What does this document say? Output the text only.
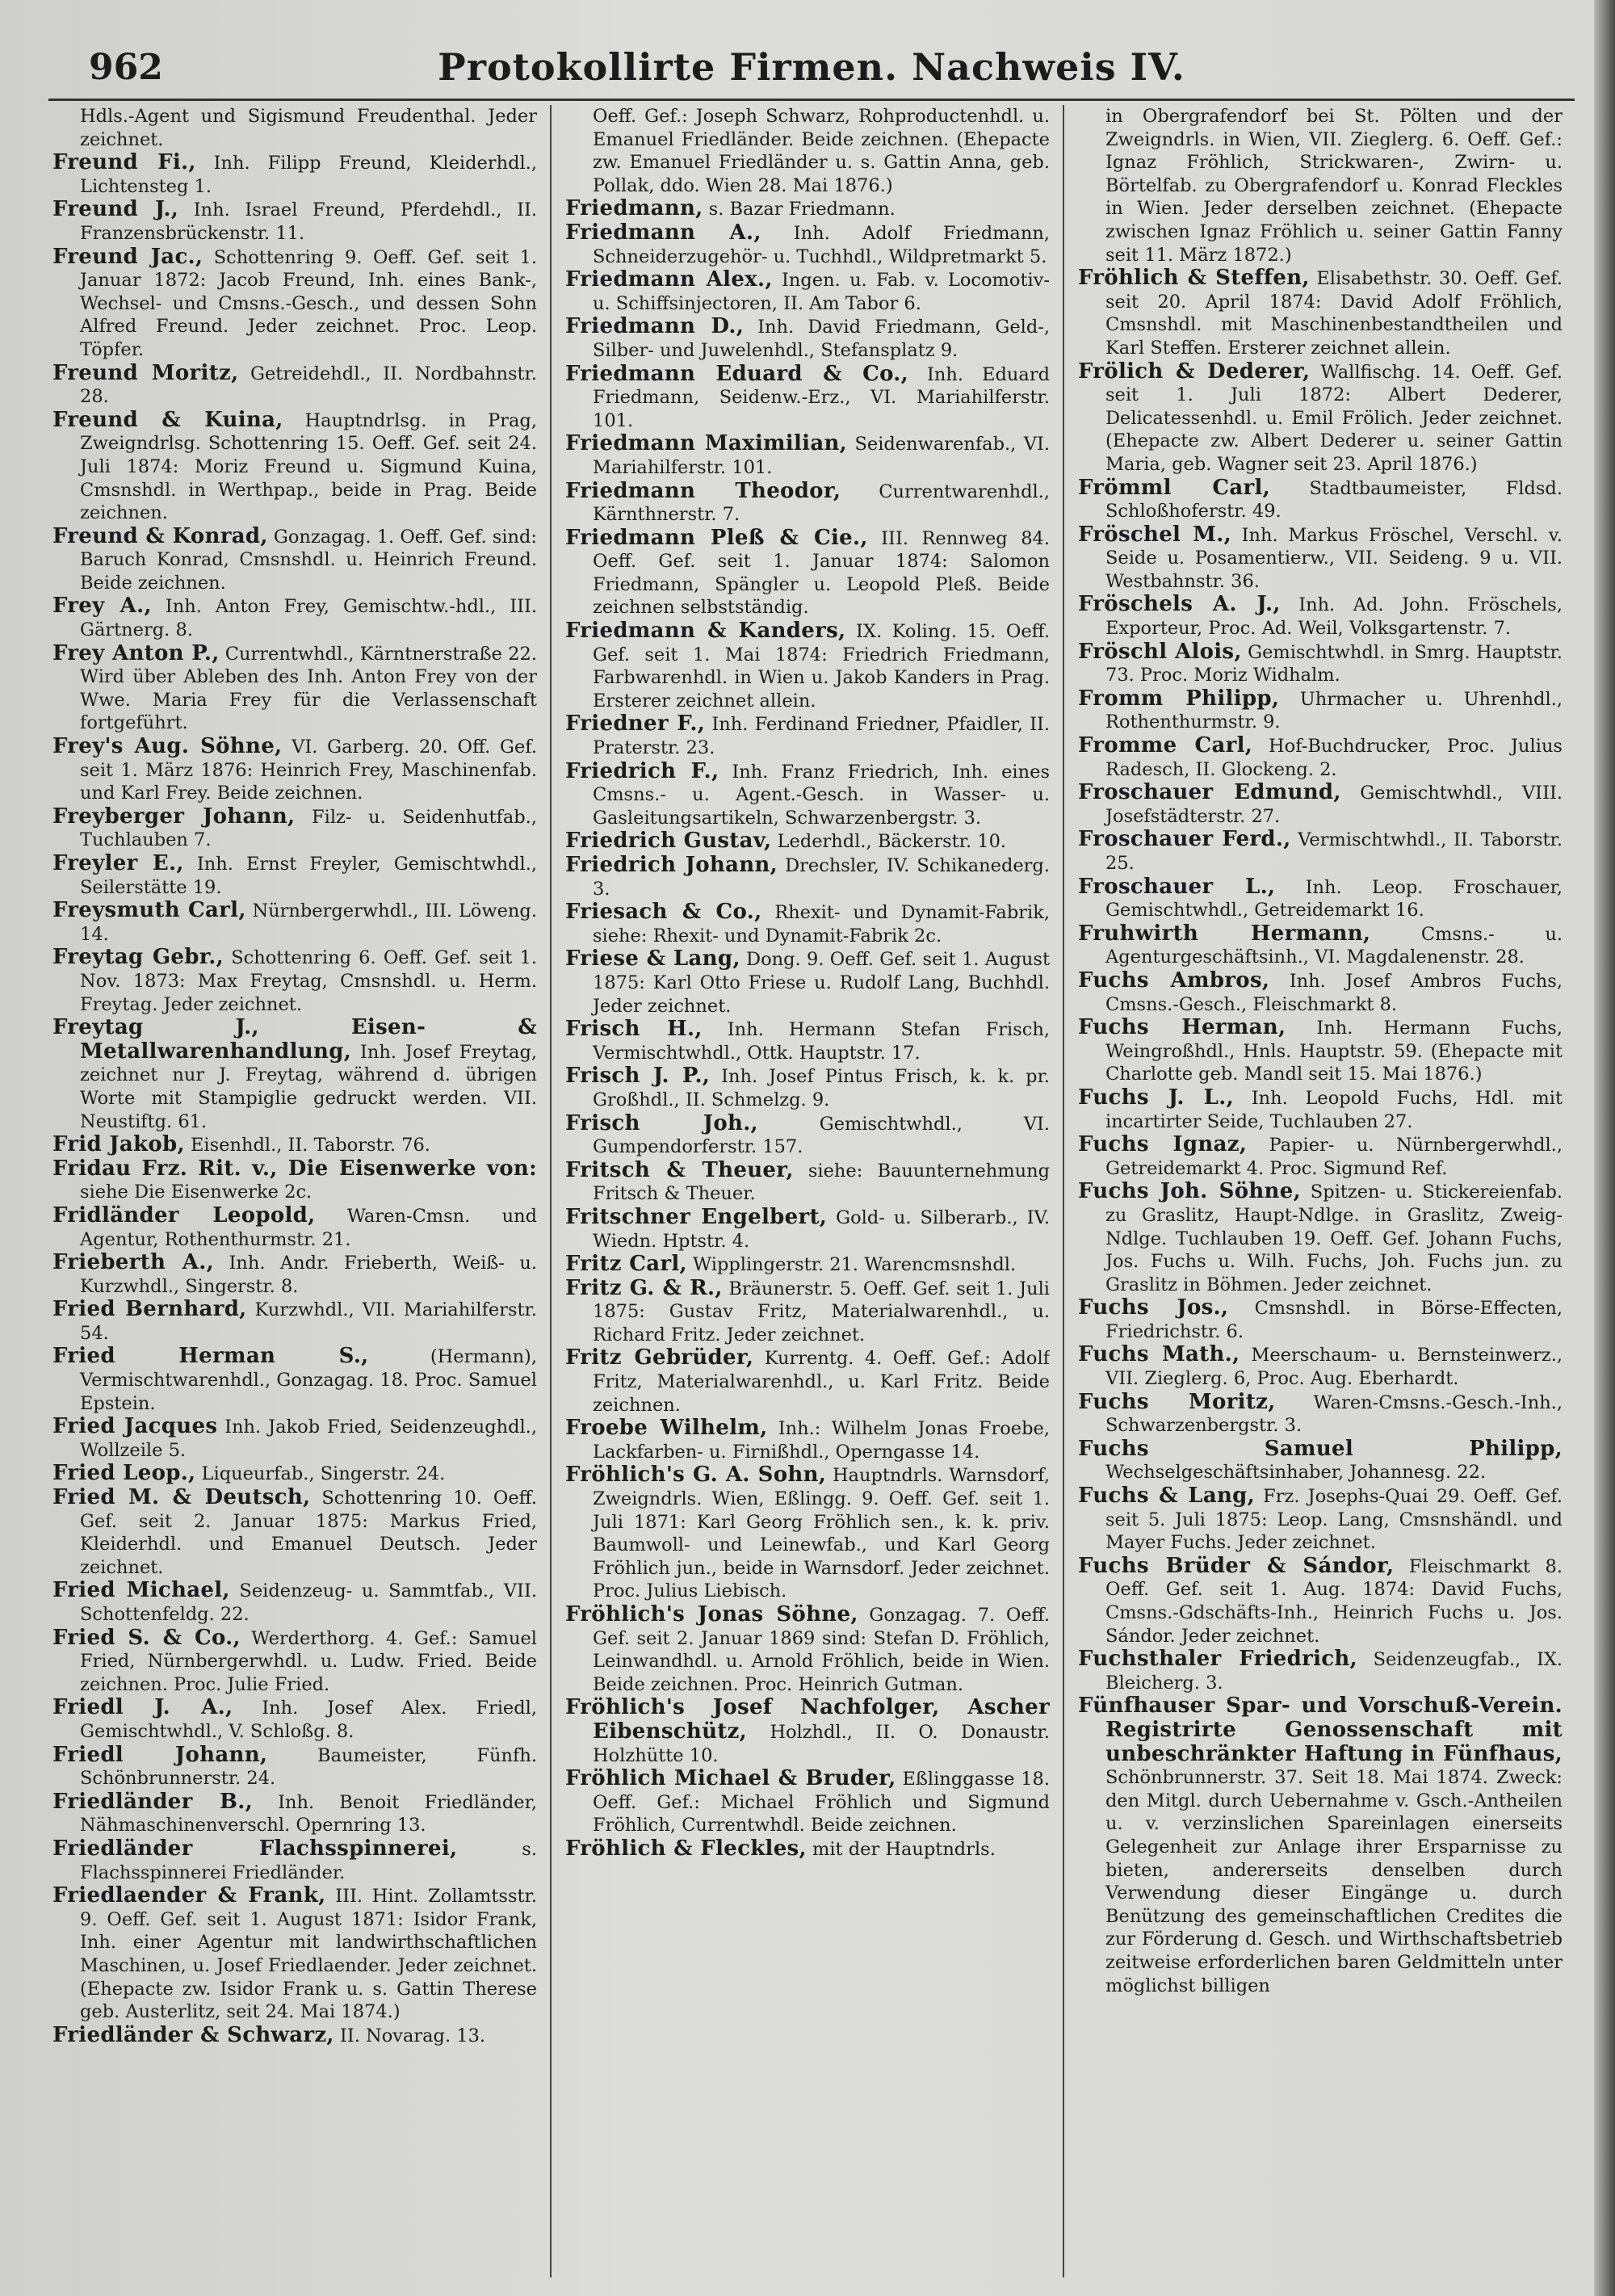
962	Protokollirte Firmen. Nachweis IV.

Hdls.-Agent und Sigismund Freudenthal. Jeder zeichnet.

Freund Fi., Inh. Filipp Freund, Kleiderhdl., Lichtensteg 1.

Freund J., Inh. Israel Freund, Pferdehdl., II. Franzensbrückenstr. 11.

Freund Jac., Schottenring 9. Oeff. Gef. seit 1. Januar 1872: Jacob Freund, Inh. eines Bank-, Wechsel- und Cmsns.-Gesch., und dessen Sohn Alfred Freund. Jeder zeichnet. Proc. Leop. Töpfer.

Freund Moritz, Getreidehdl., II. Nordbahnstr. 28.

Freund & Kuina, Hauptndrlsg. in Prag, Zweigndrlsg. Schottenring 15. Oeff. Gef. seit 24. Juli 1874: Moriz Freund u. Sigmund Kuina, Cmsnshdl. in Werthpap., beide in Prag. Beide zeichnen.

Freund & Konrad, Gonzagag. 1. Oeff. Gef. sind: Baruch Konrad, Cmsnshdl. u. Heinrich Freund. Beide zeichnen.

Frey A., Inh. Anton Frey, Gemischtw.-hdl., III. Gärtnerg. 8.

Frey Anton P., Currentwhdl., Kärntnerstraße 22. Wird über Ableben des Inh. Anton Frey von der Wwe. Maria Frey für die Verlassenschaft fortgeführt.

Frey's Aug. Söhne, VI. Garberg. 20. Off. Gef. seit 1. März 1876: Heinrich Frey, Maschinenfab. und Karl Frey. Beide zeichnen.

Freyberger Johann, Filz- u. Seidenhutfab., Tuchlauben 7.

Freyler E., Inh. Ernst Freyler, Gemischtwhdl., Seilerstätte 19.

Freysmuth Carl, Nürnbergerwhdl., III. Löweng. 14.

Freytag Gebr., Schottenring 6. Oeff. Gef. seit 1. Nov. 1873: Max Freytag, Cmsnshdl. u. Herm. Freytag. Jeder zeichnet.

Freytag J., Eisen- & Metallwarenhandlung, Inh. Josef Freytag, zeichnet nur J. Freytag, während d. übrigen Worte mit Stampiglie gedruckt werden. VII. Neustiftg. 61.

Frid Jakob, Eisenhdl., II. Taborstr. 76.

Fridau Frz. Rit. v., Die Eisenwerke von: siehe Die Eisenwerke 2c.

Fridländer Leopold, Waren-Cmsn. und Agentur, Rothenthurmstr. 21.

Frieberth A., Inh. Andr. Frieberth, Weiß- u. Kurzwhdl., Singerstr. 8.

Fried Bernhard, Kurzwhdl., VII. Mariahilferstr. 54.

Fried Herman S., (Hermann), Vermischtwarenhdl., Gonzagag. 18. Proc. Samuel Epstein.

Fried Jacques Inh. Jakob Fried, Seidenzeughdl., Wollzeile 5.

Fried Leop., Liqueurfab., Singerstr. 24.

Fried M. & Deutsch, Schottenring 10. Oeff. Gef. seit 2. Januar 1875: Markus Fried, Kleiderhdl. und Emanuel Deutsch. Jeder zeichnet.

Fried Michael, Seidenzeug- u. Sammtfab., VII. Schottenfeldg. 22.

Fried S. & Co., Werderthorg. 4. Gef.: Samuel Fried, Nürnbergerwhdl. u. Ludw. Fried. Beide zeichnen. Proc. Julie Fried.

Friedl J. A., Inh. Josef Alex. Friedl, Gemischtwhdl., V. Schloßg. 8.

Friedl Johann, Baumeister, Fünfh. Schönbrunnerstr. 24.

Friedländer B., Inh. Benoit Friedländer, Nähmaschinenverschl. Opernring 13.

Friedländer Flachsspinnerei, s. Flachsspinnerei Friedländer.

Friedlaender & Frank, III. Hint. Zollamtsstr. 9. Oeff. Gef. seit 1. August 1871: Isidor Frank, Inh. einer Agentur mit landwirthschaftlichen Maschinen, u. Josef Friedlaender. Jeder zeichnet. (Ehepacte zw. Isidor Frank u. s. Gattin Therese geb. Austerlitz, seit 24. Mai 1874.)

Friedländer & Schwarz, II. Novarag. 13.

Oeff. Gef.: Joseph Schwarz, Rohproductenhdl. u. Emanuel Friedländer. Beide zeichnen. (Ehepacte zw. Emanuel Friedländer u. s. Gattin Anna, geb. Pollak, ddo. Wien 28. Mai 1876.)

Friedmann, s. Bazar Friedmann.

Friedmann A., Inh. Adolf Friedmann, Schneiderzugehör- u. Tuchhdl., Wildpretmarkt 5.

Friedmann Alex., Ingen. u. Fab. v. Locomotiv- u. Schiffsinjectoren, II. Am Tabor 6.

Friedmann D., Inh. David Friedmann, Geld-, Silber- und Juwelenhdl., Stefansplatz 9.

Friedmann Eduard & Co., Inh. Eduard Friedmann, Seidenw.-Erz., VI. Mariahilferstr. 101.

Friedmann Maximilian, Seidenwarenfab., VI. Mariahilferstr. 101.

Friedmann Theodor, Currentwarenhdl., Kärnthnerstr. 7.

Friedmann Pleß & Cie., III. Rennweg 84. Oeff. Gef. seit 1. Januar 1874: Salomon Friedmann, Spängler u. Leopold Pleß. Beide zeichnen selbstständig.

Friedmann & Kanders, IX. Koling. 15. Oeff. Gef. seit 1. Mai 1874: Friedrich Friedmann, Farbwarenhdl. in Wien u. Jakob Kanders in Prag. Ersterer zeichnet allein.

Friedner F., Inh. Ferdinand Friedner, Pfaidler, II. Praterstr. 23.

Friedrich F., Inh. Franz Friedrich, Inh. eines Cmsns.- u. Agent.-Gesch. in Wasser- u. Gasleitungsartikeln, Schwarzenbergstr. 3.

Friedrich Gustav, Lederhdl., Bäckerstr. 10.

Friedrich Johann, Drechsler, IV. Schikanederg. 3.

Friesach & Co., Rhexit- und Dynamit-Fabrik, siehe: Rhexit- und Dynamit-Fabrik 2c.

Friese & Lang, Dong. 9. Oeff. Gef. seit 1. August 1875: Karl Otto Friese u. Rudolf Lang, Buchhdl. Jeder zeichnet.

Frisch H., Inh. Hermann Stefan Frisch, Vermischtwhdl., Ottk. Hauptstr. 17.

Frisch J. P., Inh. Josef Pintus Frisch, k. k. pr. Großhdl., II. Schmelzg. 9.

Frisch Joh., Gemischtwhdl., VI. Gumpendorferstr. 157.

Fritsch & Theuer, siehe: Bauunternehmung Fritsch & Theuer.

Fritschner Engelbert, Gold- u. Silberarb., IV. Wiedn. Hptstr. 4.

Fritz Carl, Wipplingerstr. 21. Warencmsnshdl.

Fritz G. & R., Bräunerstr. 5. Oeff. Gef. seit 1. Juli 1875: Gustav Fritz, Materialwarenhdl., u. Richard Fritz. Jeder zeichnet.

Fritz Gebrüder, Kurrentg. 4. Oeff. Gef.: Adolf Fritz, Materialwarenhdl., u. Karl Fritz. Beide zeichnen.

Froebe Wilhelm, Inh.: Wilhelm Jonas Froebe, Lackfarben- u. Firnißhdl., Operngasse 14.

Fröhlich's G. A. Sohn, Hauptndrls. Warnsdorf, Zweigndrls. Wien, Eßlingg. 9. Oeff. Gef. seit 1. Juli 1871: Karl Georg Fröhlich sen., k. k. priv. Baumwoll- und Leinewfab., und Karl Georg Fröhlich jun., beide in Warnsdorf. Jeder zeichnet. Proc. Julius Liebisch.

Fröhlich's Jonas Söhne, Gonzagag. 7. Oeff. Gef. seit 2. Januar 1869 sind: Stefan D. Fröhlich, Leinwandhdl. u. Arnold Fröhlich, beide in Wien. Beide zeichnen. Proc. Heinrich Gutman.

Fröhlich's Josef Nachfolger, Ascher Eibenschütz, Holzhdl., II. O. Donaustr. Holzhütte 10.

Fröhlich Michael & Bruder, Eßlinggasse 18. Oeff. Gef.: Michael Fröhlich und Sigmund Fröhlich, Currentwhdl. Beide zeichnen.

Fröhlich & Fleckles, mit der Hauptndrls.

in Obergrafendorf bei St. Pölten und der Zweigndrls. in Wien, VII. Zieglerg. 6. Oeff. Gef.: Ignaz Fröhlich, Strickwaren-, Zwirn- u. Börtelfab. zu Obergrafendorf u. Konrad Fleckles in Wien. Jeder derselben zeichnet. (Ehepacte zwischen Ignaz Fröhlich u. seiner Gattin Fanny seit 11. März 1872.)

Fröhlich & Steffen, Elisabethstr. 30. Oeff. Gef. seit 20. April 1874: David Adolf Fröhlich, Cmsnshdl. mit Maschinenbestandtheilen und Karl Steffen. Ersterer zeichnet allein.

Frölich & Dederer, Wallfischg. 14. Oeff. Gef. seit 1. Juli 1872: Albert Dederer, Delicatessenhdl. u. Emil Frölich. Jeder zeichnet. (Ehepacte zw. Albert Dederer u. seiner Gattin Maria, geb. Wagner seit 23. April 1876.)

Frömml Carl, Stadtbaumeister, Fldsd. Schloßhoferstr. 49.

Fröschel M., Inh. Markus Fröschel, Verschl. v. Seide u. Posamentierw., VII. Seideng. 9 u. VII. Westbahnstr. 36.

Fröschels A. J., Inh. Ad. John. Fröschels, Exporteur, Proc. Ad. Weil, Volksgartenstr. 7.

Fröschl Alois, Gemischtwhdl. in Smrg. Hauptstr. 73. Proc. Moriz Widhalm.

Fromm Philipp, Uhrmacher u. Uhrenhdl., Rothenthurmstr. 9.

Fromme Carl, Hof-Buchdrucker, Proc. Julius Radesch, II. Glockeng. 2.

Froschauer Edmund, Gemischtwhdl., VIII. Josefstädterstr. 27.

Froschauer Ferd., Vermischtwhdl., II. Taborstr. 25.

Froschauer L., Inh. Leop. Froschauer, Gemischtwhdl., Getreidemarkt 16.

Fruhwirth Hermann, Cmsns.- u. Agenturgeschäftsinh., VI. Magdalenenstr. 28.

Fuchs Ambros, Inh. Josef Ambros Fuchs, Cmsns.-Gesch., Fleischmarkt 8.

Fuchs Herman, Inh. Hermann Fuchs, Weingroßhdl., Hnls. Hauptstr. 59. (Ehepacte mit Charlotte geb. Mandl seit 15. Mai 1876.)

Fuchs J. L., Inh. Leopold Fuchs, Hdl. mit incartirter Seide, Tuchlauben 27.

Fuchs Ignaz, Papier- u. Nürnbergerwhdl., Getreidemarkt 4. Proc. Sigmund Ref.

Fuchs Joh. Söhne, Spitzen- u. Stickereienfab. zu Graslitz, Haupt-Ndlge. in Graslitz, Zweig-Ndlge. Tuchlauben 19. Oeff. Gef. Johann Fuchs, Jos. Fuchs u. Wilh. Fuchs, Joh. Fuchs jun. zu Graslitz in Böhmen. Jeder zeichnet.

Fuchs Jos., Cmsnshdl. in Börse-Effecten, Friedrichstr. 6.

Fuchs Math., Meerschaum- u. Bernsteinwerz., VII. Zieglerg. 6, Proc. Aug. Eberhardt.

Fuchs Moritz, Waren-Cmsns.-Gesch.-Inh., Schwarzenbergstr. 3.

Fuchs Samuel Philipp, Wechselgeschäftsinhaber, Johannesg. 22.

Fuchs & Lang, Frz. Josephs-Quai 29. Oeff. Gef. seit 5. Juli 1875: Leop. Lang, Cmsnshändl. und Mayer Fuchs. Jeder zeichnet.

Fuchs Brüder & Sándor, Fleischmarkt 8. Oeff. Gef. seit 1. Aug. 1874: David Fuchs, Cmsns.-Gdschäfts-Inh., Heinrich Fuchs u. Jos. Sándor. Jeder zeichnet.

Fuchsthaler Friedrich, Seidenzeugfab., IX. Bleicherg. 3.

Fünfhauser Spar- und Vorschuß-Verein. Registrirte Genossenschaft mit unbeschränkter Haftung in Fünfhaus, Schönbrunnerstr. 37. Seit 18. Mai 1874. Zweck: den Mitgl. durch Uebernahme v. Gsch.-Antheilen u. v. verzinslichen Spareinlagen einerseits Gelegenheit zur Anlage ihrer Ersparnisse zu bieten, andererseits denselben durch Verwendung dieser Eingänge u. durch Benützung des gemeinschaftlichen Credites die zur Förderung d. Gesch. und Wirthschaftsbetrieb zeitweise erforderlichen baren Geldmitteln unter möglichst billigen
